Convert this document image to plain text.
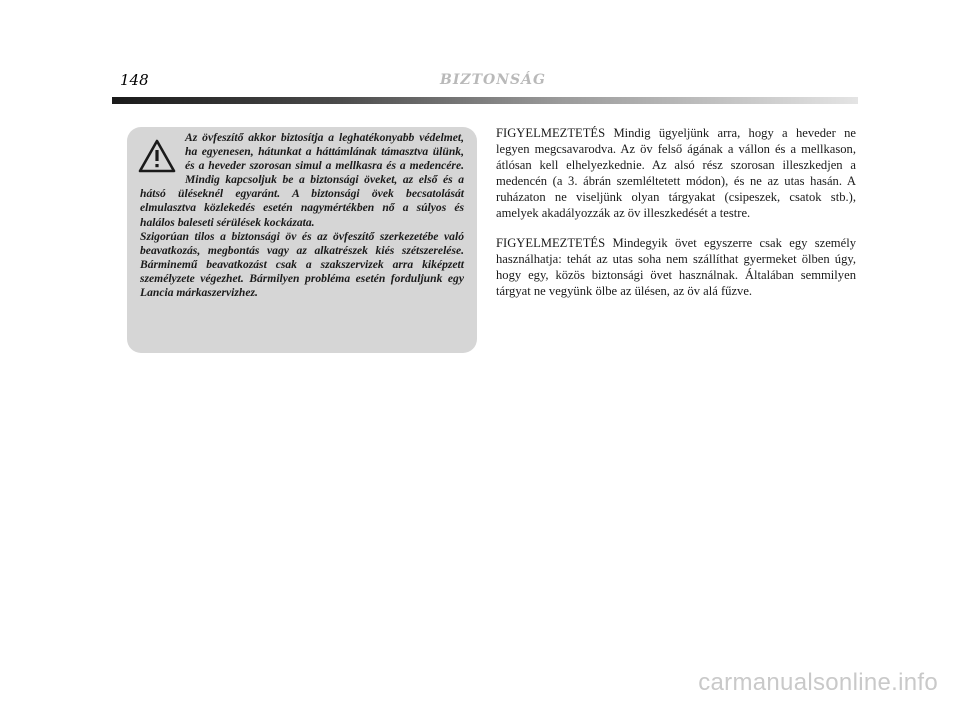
148	BIZTONSÁG

Az övfeszítő akkor biztosítja a leghatékonyabb védelmet, ha egyenesen, hátunkat a háttámlának támasztva ülünk, és a heveder szorosan simul a mellkasra és a medencére. Mindig kapcsoljuk be a biztonsági öveket, az első és a hátsó üléseknél egyaránt. A biztonsági övek becsatolását elmulasztva közlekedés esetén nagymértékben nő a súlyos és halálos baleseti sérülések kockázata.

Szigorúan tilos a biztonsági öv és az övfeszítő szerkezetébe való beavatkozás, megbontás vagy az alkatrészek kiés szétszerelése. Bárminemű beavatkozást csak a szakszervizek arra kiképzett személyzete végezhet. Bármilyen probléma esetén forduljunk egy Lancia márkaszervizhez.

FIGYELMEZTETÉS Mindig ügyeljünk arra, hogy a heveder ne legyen megcsavarodva. Az öv felső ágának a vállon és a mellkason, átlósan kell elhelyezkednie. Az alsó rész szorosan illeszkedjen a medencén (a 3. ábrán szemléltetett módon), és ne az utas hasán. A ruházaton ne viseljünk olyan tárgyakat (csipeszek, csatok stb.), amelyek akadályozzák az öv illeszkedését a testre.

FIGYELMEZTETÉS Mindegyik övet egyszerre csak egy személy használhatja: tehát az utas soha nem szállíthat gyermeket ölben úgy, hogy egy, közös biztonsági övet használnak. Általában semmilyen tárgyat ne vegyünk ölbe az ülésen, az öv alá fűzve.

carmanualsonline.info
